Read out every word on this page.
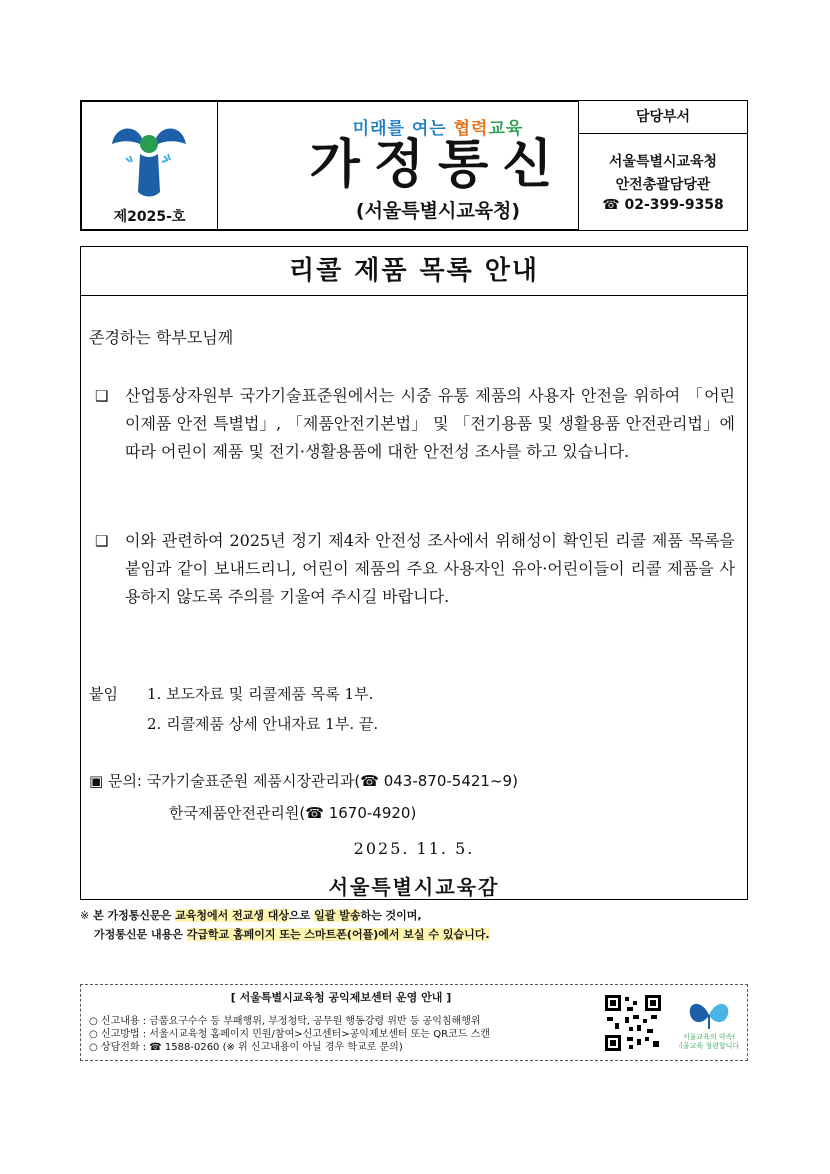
제2025-호
미래를 여는 협력교육
가정통신
(서울특별시교육청)
담당부서
서울특별시교육청
안전총괄담당관
☎ 02-399-9358
리콜 제품 목록 안내
존경하는 학부모님께
❑ 산업통상자원부 국가기술표준원에서는 시중 유통 제품의 사용자 안전을 위하여 「어린이제품 안전 특별법」, 「제품안전기본법」 및 「전기용품 및 생활용품 안전관리법」에 따라 어린이 제품 및 전기·생활용품에 대한 안전성 조사를 하고 있습니다.
❑ 이와 관련하여 2025년 정기 제4차 안전성 조사에서 위해성이 확인된 리콜 제품 목록을 붙임과 같이 보내드리니, 어린이 제품의 주요 사용자인 유아·어린이들이 리콜 제품을 사용하지 않도록 주의를 기울여 주시길 바랍니다.
붙임 1. 보도자료 및 리콜제품 목록 1부.
2. 리콜제품 상세 안내자료 1부. 끝.
▣ 문의: 국가기술표준원 제품시장관리과(☎ 043-870-5421~9)
한국제품안전관리원(☎ 1670-4920)
2025. 11. 5.
서울특별시교육감
※ 본 가정통신문은 교육청에서 전교생 대상으로 일괄 발송하는 것이며,
가정통신문 내용은 각급학교 홈페이지 또는 스마트폰(어플)에서 보실 수 있습니다.
[ 서울특별시교육청 공익제보센터 운영 안내 ]
○ 신고내용 : 금품요구수수 등 부패행위, 부정청탁, 공무원 행동강령 위반 등 공익침해행위
○ 신고방법 : 서울시교육청 홈페이지 민원/참여>신고센터>공익제보센터 또는 QR코드 스캔
○ 상담전화 : ☎ 1588-0260 (※ 위 신고내용이 아닐 경우 학교로 문의)
서울교육의 약속!
서울교육 청렴합니다!
